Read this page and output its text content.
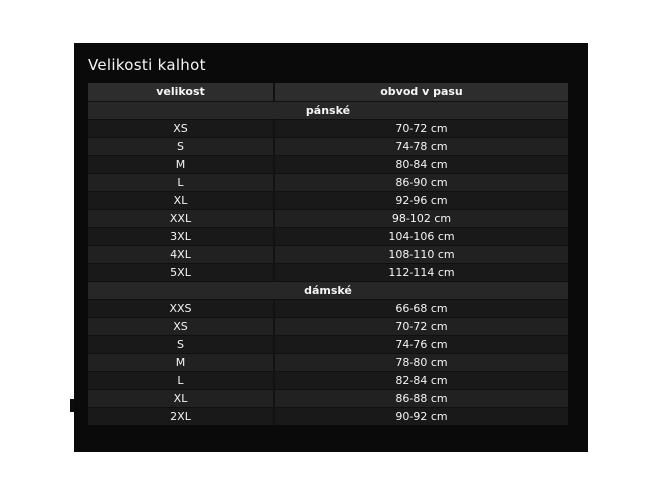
Velikosti kalhot
velikost	obvod v pasu
pánské	
XS	70-72 cm
S	74-78 cm
M	80-84 cm
L	86-90 cm
XL	92-96 cm
XXL	98-102 cm
3XL	104-106 cm
4XL	108-110 cm
5XL	112-114 cm
dámské	
XXS	66-68 cm
XS	70-72 cm
S	74-76 cm
M	78-80 cm
L	82-84 cm
XL	86-88 cm
2XL	90-92 cm
